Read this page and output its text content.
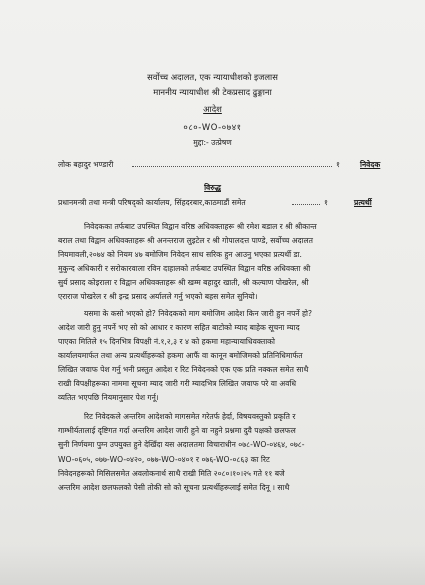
सर्वोच्च अदालत, एक न्यायाधीशको इजलास
माननीय न्यायाधीश श्री टेकप्रसाद ढुङ्गाना
आदेश
०८०-WO-०७४१
मुद्दा:- उत्प्रेषण
लोक बहादुर भण्डारी	१	निवेदक
विरुद्ध
प्रधानमन्त्री तथा मन्त्री परिषद्को कार्यालय, सिंहदरबार,काठमाडौं समेत	१	प्रत्यर्थी
निवेदकका तर्फबाट उपस्थित विद्वान वरिष्ठ अधिवक्ताहरू श्री रमेश बडाल र श्री श्रीकान्त
बराल तथा विद्वान अधिवक्ताहरू श्री अनन्तराज लुइटेल र श्री गोपालदत्त पाण्डे, सर्वोच्च अदालत
नियमावली,२०७४ को नियम ४७ बमोजिम निवेदन साथ सरिक हुन आउनु भएका प्रत्यर्थी डा.
मुकुन्द अधिकारी र सरोकारवाला रविन दाहालको तर्फबाट उपस्थित विद्वान वरिष्ठ अधिवक्ता श्री
सुर्य प्रसाद कोइराला र विद्वान अधिवक्ताहरू श्री खम्म बहादुर खाती, श्री कल्याण पोखरेल, श्री
एराराज पोखरेल र श्री इन्द्र प्रसाद अर्यालले गर्नु भएको बहस समेत सुनियो।
यसमा के कसो भएको हो? निवेदकको माग बमोजिम आदेश किन जारी हुन नपर्ने हो?
आदेश जारी हुनु नपर्ने भए सो को आधार र कारण सहित बाटोको म्याद बाहेक सूचना म्याद
पाएका मितिले १५ दिनभित्र विपक्षी नं.१,२,३ र ४ को हकमा महान्यायाधिवक्ताको
कार्यालयमार्फत तथा अन्य प्रत्यर्थीहरूको हकमा आफैं वा कानून बमोजिमको प्रतिनिधिमार्फत
लिखित जवाफ पेश गर्नु भनी प्रस्तुत आदेश र रिट निवेदनको एक एक प्रति नक्कल समेत साथै
राखी विपक्षीहरूका नाममा सूचना म्याद जारी गरी म्यादभित्र लिखित जवाफ परे वा अवधि
व्यतित भएपछि नियमानुसार पेश गर्नू।
रिट निवेदकले अन्तरिम आदेशको मागसमेत गरेतर्फ हेर्दा, विषयवस्तुको प्रकृति र
गाम्भीर्यतालाई दृष्टिगत गर्दा अन्तरिम आदेश जारी हुने वा नहुने प्रश्नमा दुवै पक्षको छलफल
सुनी निर्णयमा पुग्न उपयुक्त हुने देखिँदा यस अदालतमा विचाराधीन ०७८-WO-०४६४, ०७८-
WO-०६०५, ०७७-WO-०४२०, ०७७-WO-०४०१ र ०७६-WO-०८६३ का रिट
निवेदनहरूको मिसिलसमेत अवलोकनार्थ साथै राखी मिति २०८०।१०।२५ गते ११ बजे
अन्तरिम आदेश छलफलको पेसी तोकी सो को सूचना प्रत्यर्थीहरूलाई समेत दिनू । साथै
